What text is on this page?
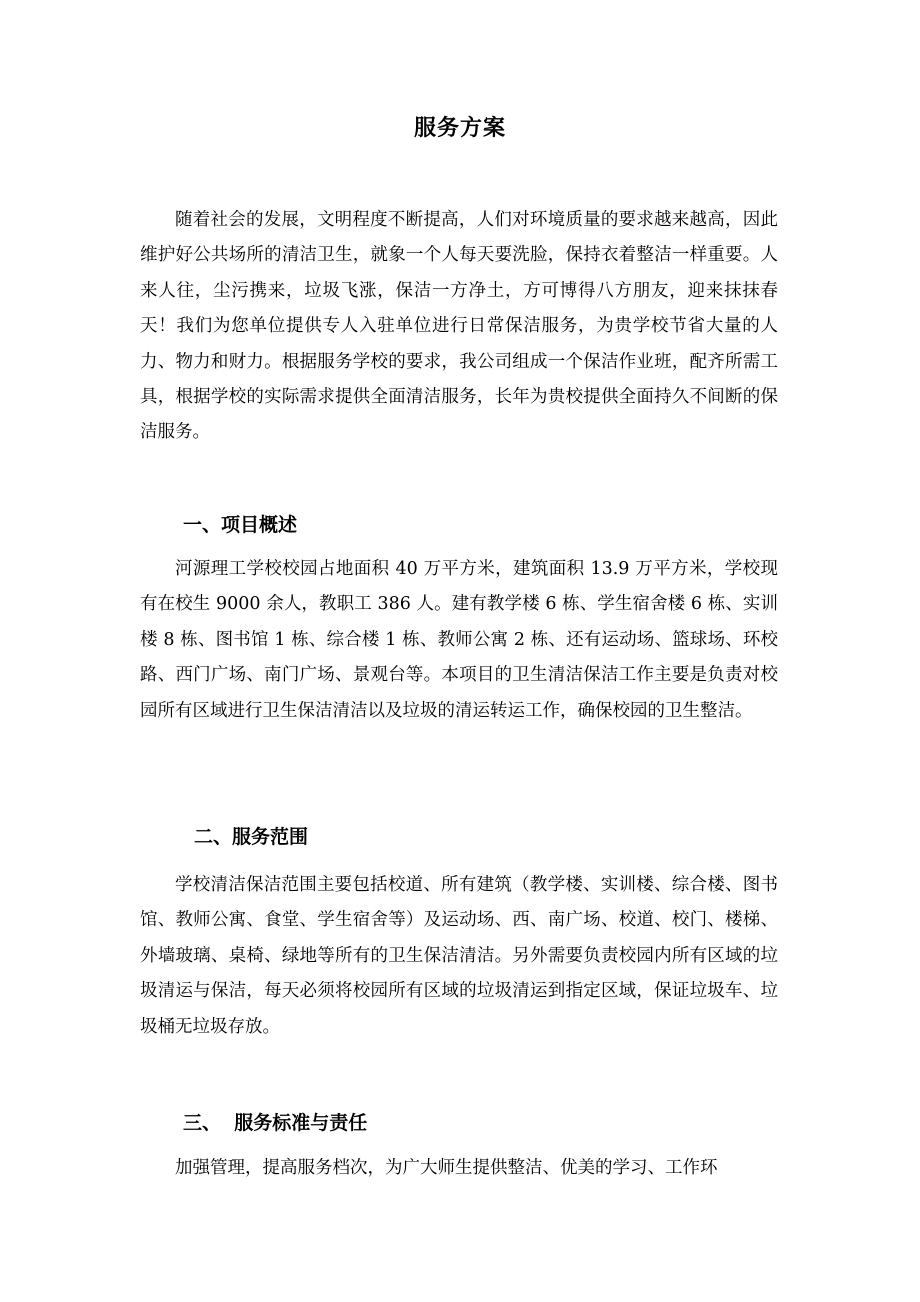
服务方案

随着社会的发展，文明程度不断提高，人们对环境质量的要求越来越高，因此维护好公共场所的清洁卫生，就象一个人每天要洗脸，保持衣着整洁一样重要。人来人往，尘污携来，垃圾飞涨，保洁一方净土，方可博得八方朋友，迎来抹抹春天！我们为您单位提供专人入驻单位进行日常保洁服务，为贵学校节省大量的人力、物力和财力。根据服务学校的要求，我公司组成一个保洁作业班，配齐所需工具，根据学校的实际需求提供全面清洁服务，长年为贵校提供全面持久不间断的保洁服务。

一、项目概述

河源理工学校校园占地面积 40 万平方米，建筑面积 13.9 万平方米，学校现有在校生 9000 余人，教职工 386 人。建有教学楼 6 栋、学生宿舍楼 6 栋、实训楼 8 栋、图书馆 1 栋、综合楼 1 栋、教师公寓 2 栋、还有运动场、篮球场、环校路、西门广场、南门广场、景观台等。本项目的卫生清洁保洁工作主要是负责对校园所有区域进行卫生保洁清洁以及垃圾的清运转运工作，确保校园的卫生整洁。

二、服务范围

学校清洁保洁范围主要包括校道、所有建筑（教学楼、实训楼、综合楼、图书馆、教师公寓、食堂、学生宿舍等）及运动场、西、南广场、校道、校门、楼梯、外墙玻璃、桌椅、绿地等所有的卫生保洁清洁。另外需要负责校园内所有区域的垃圾清运与保洁，每天必须将校园所有区域的垃圾清运到指定区域，保证垃圾车、垃圾桶无垃圾存放。

三、  服务标准与责任

加强管理，提高服务档次，为广大师生提供整洁、优美的学习、工作环
